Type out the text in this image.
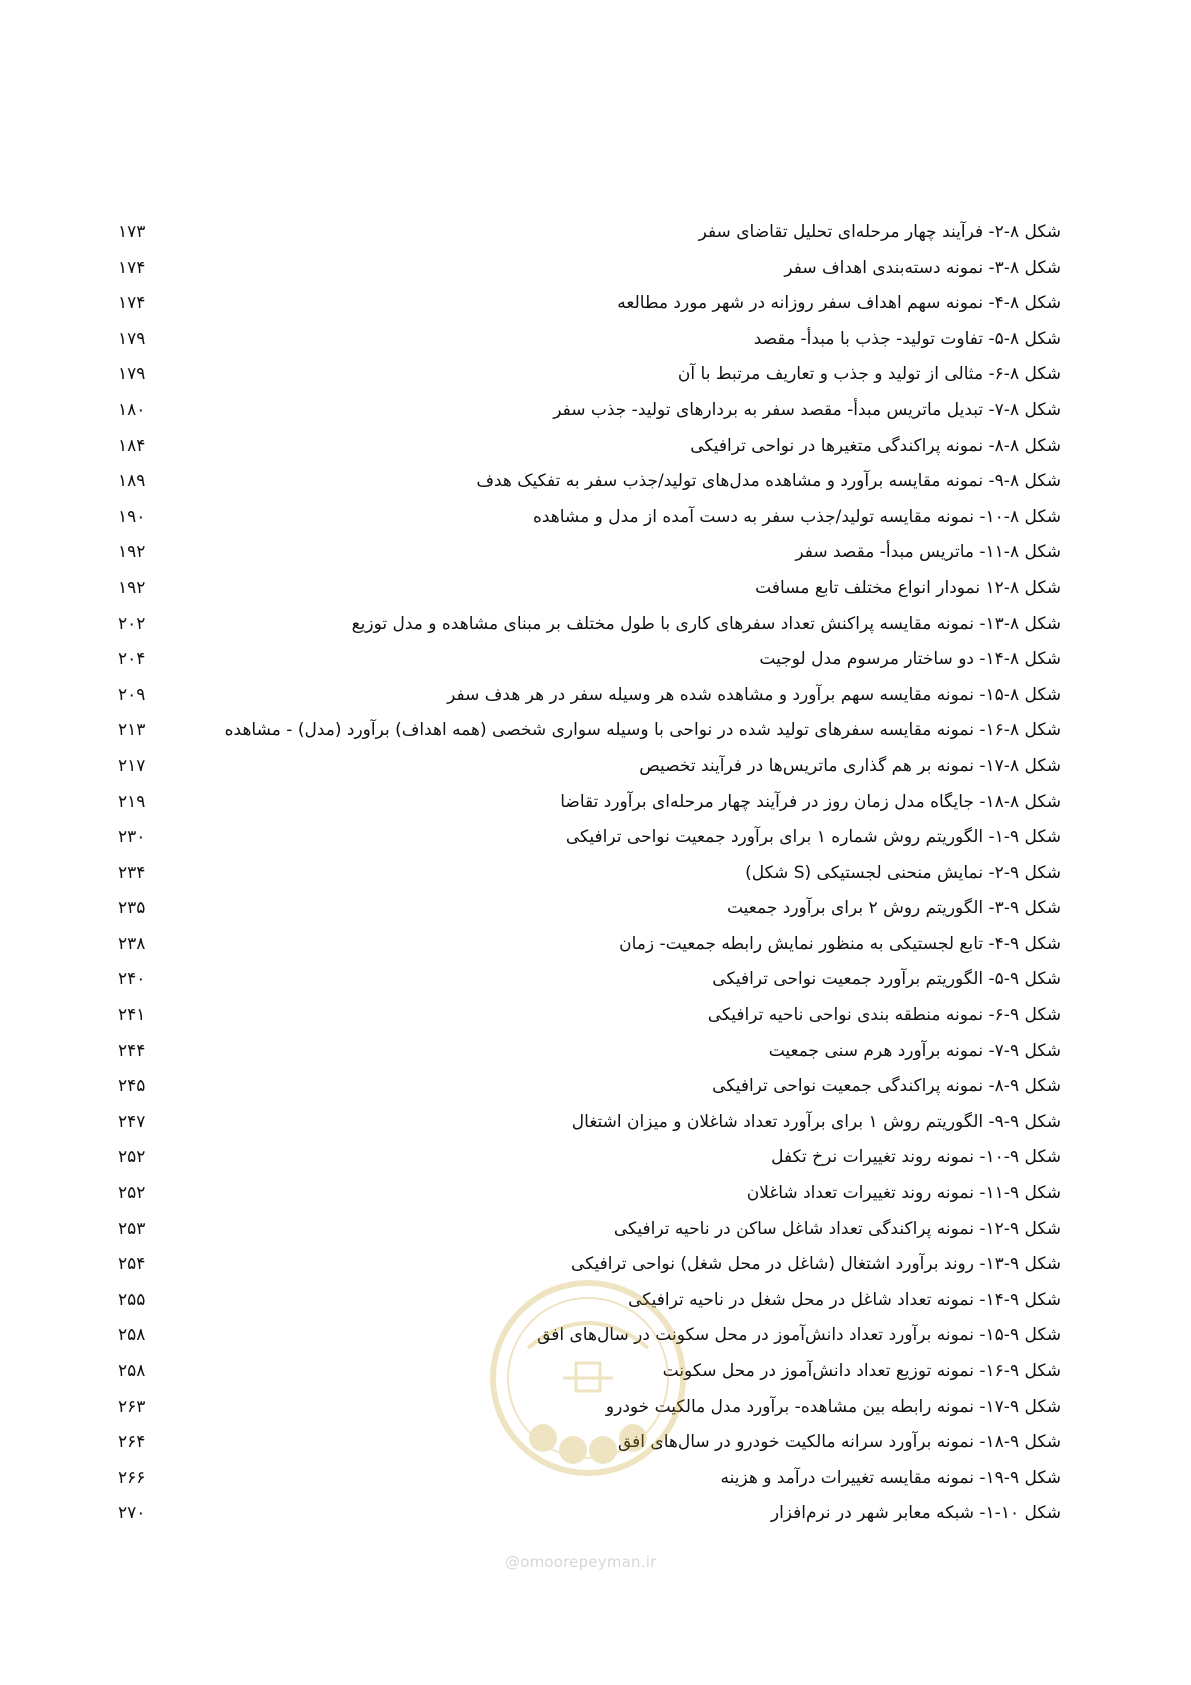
شکل ۸-۲- فرآیند چهار مرحله‌ای تحلیل تقاضای سفر
۱۷۳
شکل ۸-۳- نمونه دسته‌بندی اهداف سفر
۱۷۴
شکل ۸-۴- نمونه سهم اهداف سفر روزانه در شهر مورد مطالعه
۱۷۴
شکل ۸-۵- تفاوت تولید- جذب با مبدأ- مقصد
۱۷۹
شکل ۸-۶- مثالی از تولید و جذب و تعاریف مرتبط با آن
۱۷۹
شکل ۸-۷- تبدیل ماتریس مبدأ- مقصد سفر به بردارهای تولید- جذب سفر
۱۸۰
شکل ۸-۸- نمونه پراکندگی متغیرها در نواحی ترافیکی
۱۸۴
شکل ۸-۹- نمونه مقایسه برآورد و مشاهده مدل‌های تولید/جذب سفر به تفکیک هدف
۱۸۹
شکل ۸-۱۰- نمونه مقایسه تولید/جذب سفر به دست آمده از مدل و مشاهده
۱۹۰
شکل ۸-۱۱- ماتریس مبدأ- مقصد سفر
۱۹۲
شکل ۸-۱۲ نمودار انواع مختلف تابع مسافت
۱۹۲
شکل ۸-۱۳- نمونه مقایسه پراکنش تعداد سفرهای کاری با طول مختلف بر مبنای مشاهده و مدل توزیع
۲۰۲
شکل ۸-۱۴- دو ساختار مرسوم مدل لوجیت
۲۰۴
شکل ۸-۱۵- نمونه مقایسه سهم برآورد و مشاهده شده هر وسیله سفر در هر هدف سفر
۲۰۹
شکل ۸-۱۶- نمونه مقایسه سفرهای تولید شده در نواحی با وسیله سواری شخصی (همه اهداف) برآورد (مدل) - مشاهده
۲۱۳
شکل ۸-۱۷- نمونه بر هم گذاری ماتریس‌ها در فرآیند تخصیص
۲۱۷
شکل ۸-۱۸- جایگاه مدل زمان روز در فرآیند چهار مرحله‌ای برآورد تقاضا
۲۱۹
شکل ۹-۱- الگوریتم روش شماره ۱ برای برآورد جمعیت نواحی ترافیکی
۲۳۰
شکل ۹-۲- نمایش منحنی لجستیکی (S شکل)
۲۳۴
شکل ۹-۳- الگوریتم روش ۲ برای برآورد جمعیت
۲۳۵
شکل ۹-۴- تابع لجستیکی به منظور نمایش رابطه جمعیت- زمان
۲۳۸
شکل ۹-۵- الگوریتم برآورد جمعیت نواحی ترافیکی
۲۴۰
شکل ۹-۶- نمونه منطقه بندی نواحی ناحیه ترافیکی
۲۴۱
شکل ۹-۷- نمونه برآورد هرم سنی جمعیت
۲۴۴
شکل ۹-۸- نمونه پراکندگی جمعیت نواحی ترافیکی
۲۴۵
شکل ۹-۹- الگوریتم روش ۱ برای برآورد تعداد شاغلان و میزان اشتغال
۲۴۷
شکل ۹-۱۰- نمونه روند تغییرات نرخ تکفل
۲۵۲
شکل ۹-۱۱- نمونه روند تغییرات تعداد شاغلان
۲۵۲
شکل ۹-۱۲- نمونه پراکندگی تعداد شاغل ساکن در ناحیه ترافیکی
۲۵۳
شکل ۹-۱۳- روند برآورد اشتغال (شاغل در محل شغل) نواحی ترافیکی
۲۵۴
شکل ۹-۱۴- نمونه تعداد شاغل در محل شغل در ناحیه ترافیکی
۲۵۵
شکل ۹-۱۵- نمونه برآورد تعداد دانش‌آموز در محل سکونت در سال‌های افق
۲۵۸
شکل ۹-۱۶- نمونه توزیع تعداد دانش‌آموز در محل سکونت
۲۵۸
شکل ۹-۱۷- نمونه رابطه بین مشاهده- برآورد مدل مالکیت خودرو
۲۶۳
شکل ۹-۱۸- نمونه برآورد سرانه مالکیت خودرو در سال‌های افق
۲۶۴
شکل ۹-۱۹- نمونه مقایسه تغییرات درآمد و هزینه
۲۶۶
شکل ۱۰-۱- شبکه معابر شهر در نرم‌افزار
۲۷۰
@omoorepeyman.ir
